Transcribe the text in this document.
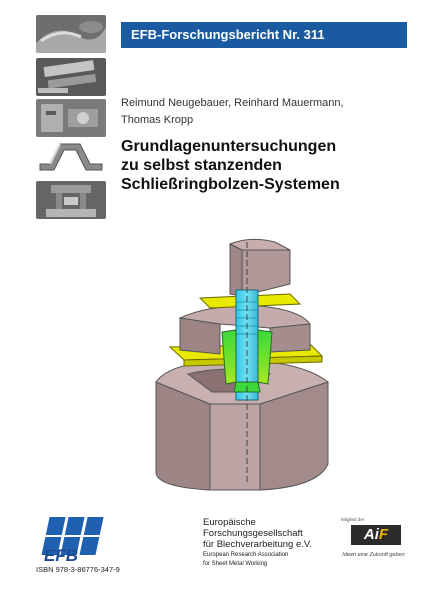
EFB-Forschungsbericht Nr. 311
Reimund Neugebauer, Reinhard Mauermann,
Thomas Kropp
Grundlagenuntersuchungen
zu selbst stanzenden
Schließringbolzen-Systemen
EFB
ISBN 978-3-86776-347-9
Europäische Forschungsgesellschaft
für Blechverarbeitung e.V.
European Research Association
for Sheet Metal Working
Mitglied der
AiF
Ideen eine Zukunft geben
